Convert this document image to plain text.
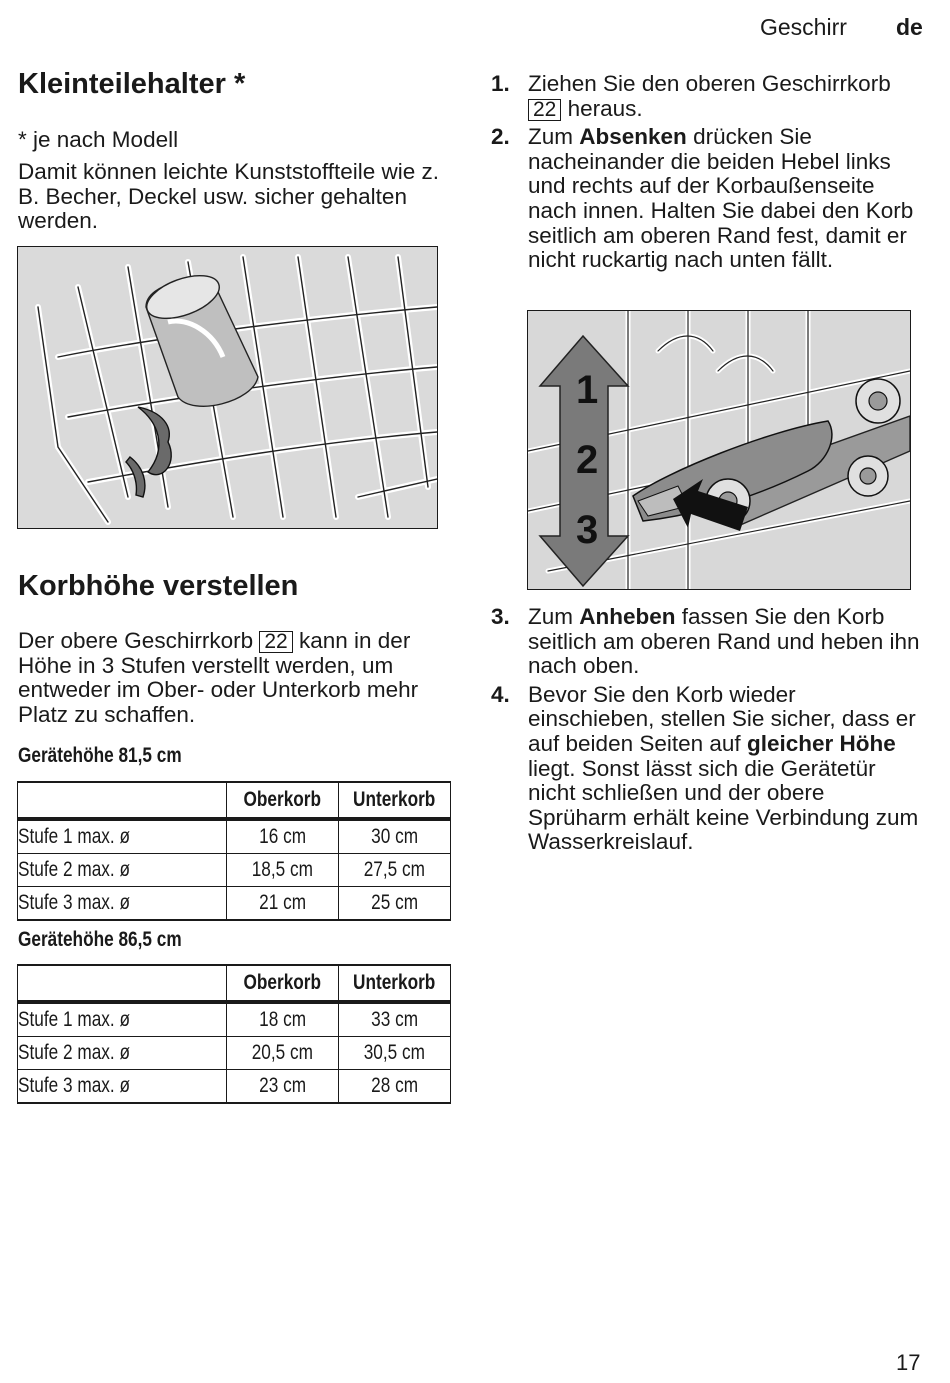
Geschirr de
Kleinteilehalter *
* je nach Modell
Damit können leichte Kunststoffteile wie z. B. Becher, Deckel usw. sicher gehalten werden.
Korbhöhe verstellen
Der obere Geschirrkorb 22 kann in der Höhe in 3 Stufen verstellt werden, um entweder im Ober- oder Unterkorb mehr Platz zu schaffen.
Gerätehöhe 81,5 cm
	Oberkorb	Unterkorb
Stufe 1 max. ø	16 cm	30 cm
Stufe 2 max. ø	18,5 cm	27,5 cm
Stufe 3 max. ø	21 cm	25 cm
Gerätehöhe 86,5 cm
	Oberkorb	Unterkorb
Stufe 1 max. ø	18 cm	33 cm
Stufe 2 max. ø	20,5 cm	30,5 cm
Stufe 3 max. ø	23 cm	28 cm
1. Ziehen Sie den oberen Geschirrkorb 22 heraus.
2. Zum Absenken drücken Sie nacheinander die beiden Hebel links und rechts auf der Korbaußenseite nach innen. Halten Sie dabei den Korb seitlich am oberen Rand fest, damit er nicht ruckartig nach unten fällt.
1
2
3
3. Zum Anheben fassen Sie den Korb seitlich am oberen Rand und heben ihn nach oben.
4. Bevor Sie den Korb wieder einschieben, stellen Sie sicher, dass er auf beiden Seiten auf gleicher Höhe liegt. Sonst lässt sich die Gerätetür nicht schließen und der obere Sprüharm erhält keine Verbindung zum Wasserkreislauf.
17
